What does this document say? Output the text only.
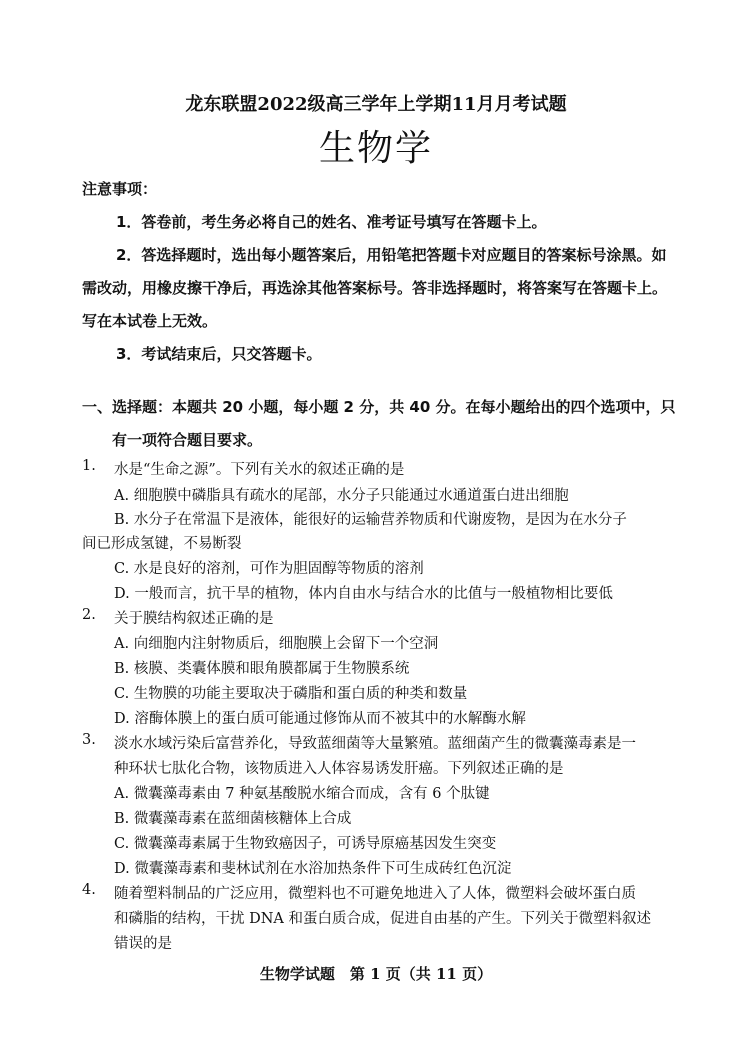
龙东联盟2022级高三学年上学期11月月考试题
生物学
注意事项：
1．答卷前，考生务必将自己的姓名、准考证号填写在答题卡上。
2．答选择题时，选出每小题答案后，用铅笔把答题卡对应题目的答案标号涂黑。如
需改动，用橡皮擦干净后，再选涂其他答案标号。答非选择题时，将答案写在答题卡上。
写在本试卷上无效。
3．考试结束后，只交答题卡。
一、选择题：本题共 20 小题，每小题 2 分，共 40 分。在每小题给出的四个选项中，只
有一项符合题目要求。
1. 水是“生命之源”。下列有关水的叙述正确的是
A. 细胞膜中磷脂具有疏水的尾部，水分子只能通过水通道蛋白进出细胞
B. 水分子在常温下是液体，能很好的运输营养物质和代谢废物，是因为在水分子
间已形成氢键，不易断裂
C. 水是良好的溶剂，可作为胆固醇等物质的溶剂
D. 一般而言，抗干旱的植物，体内自由水与结合水的比值与一般植物相比要低
2. 关于膜结构叙述正确的是
A. 向细胞内注射物质后，细胞膜上会留下一个空洞
B. 核膜、类囊体膜和眼角膜都属于生物膜系统
C. 生物膜的功能主要取决于磷脂和蛋白质的种类和数量
D. 溶酶体膜上的蛋白质可能通过修饰从而不被其中的水解酶水解
3. 淡水水域污染后富营养化，导致蓝细菌等大量繁殖。蓝细菌产生的微囊藻毒素是一
种环状七肽化合物，该物质进入人体容易诱发肝癌。下列叙述正确的是
A. 微囊藻毒素由 7 种氨基酸脱水缩合而成，含有 6 个肽键
B. 微囊藻毒素在蓝细菌核糖体上合成
C. 微囊藻毒素属于生物致癌因子，可诱导原癌基因发生突变
D. 微囊藻毒素和斐林试剂在水浴加热条件下可生成砖红色沉淀
4. 随着塑料制品的广泛应用，微塑料也不可避免地进入了人体，微塑料会破坏蛋白质
和磷脂的结构，干扰 DNA 和蛋白质合成，促进自由基的产生。下列关于微塑料叙述
错误的是
生物学试题　第 1 页（共 11 页）
